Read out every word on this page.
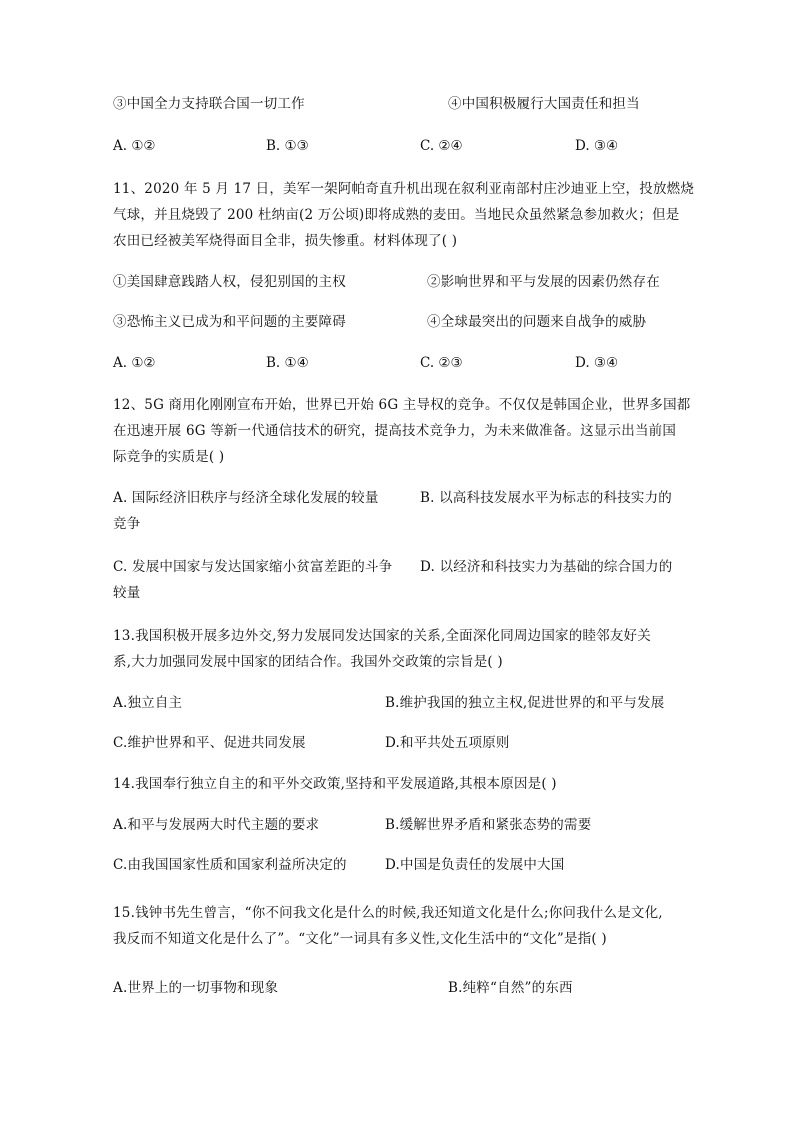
③中国全力支持联合国一切工作	④中国积极履行大国责任和担当
A. ①②	B. ①③	C. ②④	D. ③④
11、2020 年 5 月 17 日，美军一架阿帕奇直升机出现在叙利亚南部村庄沙迪亚上空，投放燃烧
气球，并且烧毁了 200 杜纳亩(2 万公顷)即将成熟的麦田。当地民众虽然紧急参加救火；但是
农田已经被美军烧得面目全非，损失惨重。材料体现了( )
①美国肆意践踏人权，侵犯别国的主权	②影响世界和平与发展的因素仍然存在
③恐怖主义已成为和平问题的主要障碍	④全球最突出的问题来自战争的威胁
A. ①②	B. ①④	C. ②③	D. ③④
12、5G 商用化刚刚宣布开始，世界已开始 6G 主导权的竞争。不仅仅是韩国企业，世界多国都
在迅速开展 6G 等新一代通信技术的研究，提高技术竞争力，为未来做准备。这显示出当前国
际竞争的实质是( )
A. 国际经济旧秩序与经济全球化发展的较量	B. 以高科技发展水平为标志的科技实力的
竞争
C. 发展中国家与发达国家缩小贫富差距的斗争 D. 以经济和科技实力为基础的综合国力的
较量
13.我国积极开展多边外交,努力发展同发达国家的关系,全面深化同周边国家的睦邻友好关
系,大力加强同发展中国家的团结合作。我国外交政策的宗旨是( )
A.独立自主	B.维护我国的独立主权,促进世界的和平与发展
C.维护世界和平、促进共同发展	D.和平共处五项原则
14.我国奉行独立自主的和平外交政策,坚持和平发展道路,其根本原因是( )
A.和平与发展两大时代主题的要求	B.缓解世界矛盾和紧张态势的需要
C.由我国国家性质和国家利益所决定的	D.中国是负责任的发展中大国
15.钱钟书先生曾言，“你不问我文化是什么的时候,我还知道文化是什么;你问我什么是文化,
我反而不知道文化是什么了”。“文化”一词具有多义性,文化生活中的“文化”是指( )
A.世界上的一切事物和现象	B.纯粹“自然”的东西
